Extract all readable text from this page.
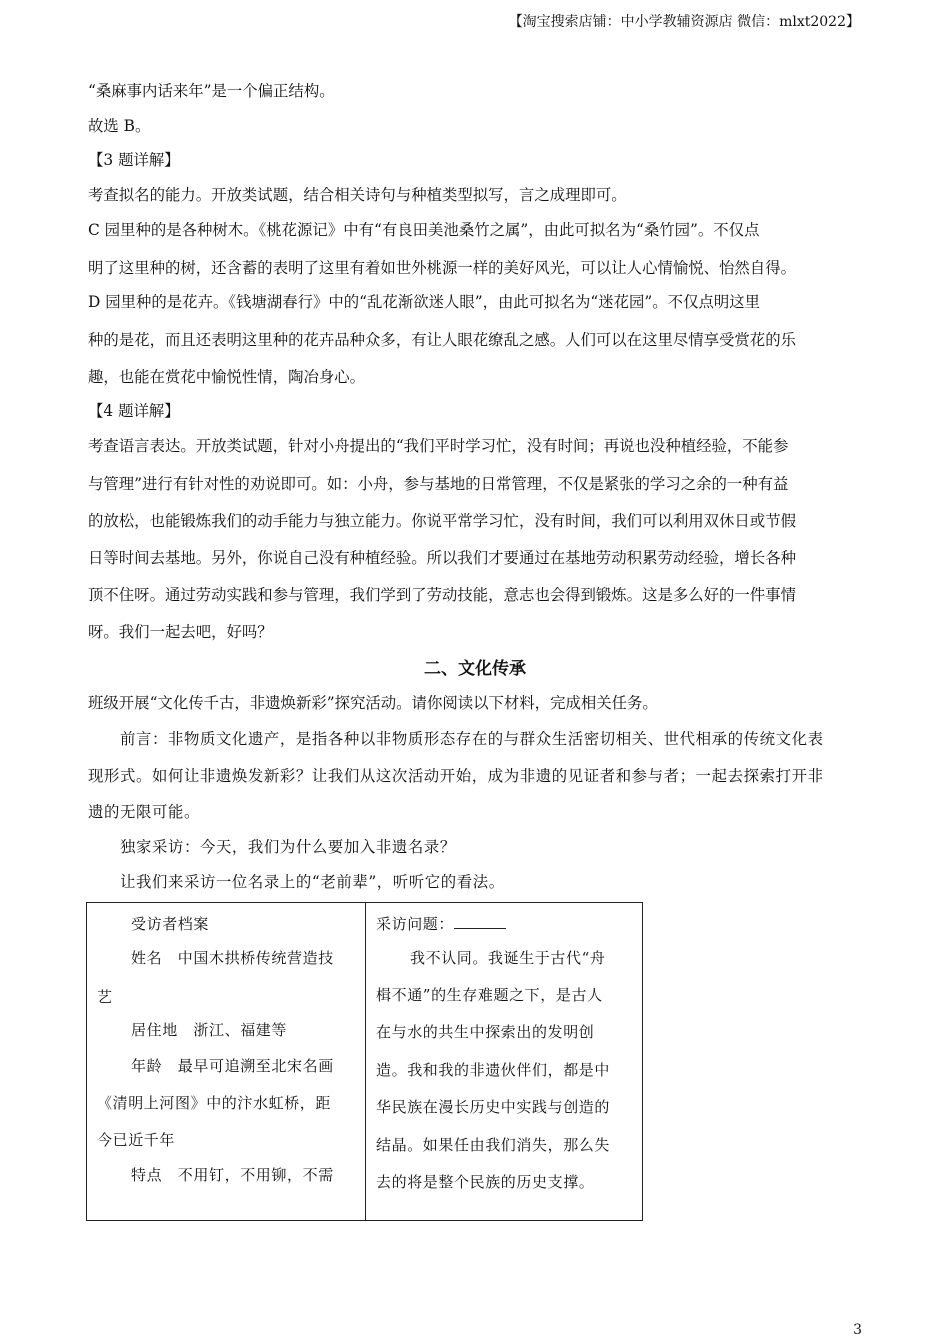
【淘宝搜索店铺：中小学教辅资源店 微信：mlxt2022】
“桑麻事内话来年”是一个偏正结构。
故选 B。
【3 题详解】
考查拟名的能力。开放类试题，结合相关诗句与种植类型拟写，言之成理即可。
C 园里种的是各种树木。《桃花源记》中有“有良田美池桑竹之属”，由此可拟名为“桑竹园”。不仅点
明了这里种的树，还含蓄的表明了这里有着如世外桃源一样的美好风光，可以让人心情愉悦、怡然自得。
D 园里种的是花卉。《钱塘湖春行》中的“乱花渐欲迷人眼”，由此可拟名为“迷花园”。不仅点明这里
种的是花，而且还表明这里种的花卉品种众多，有让人眼花缭乱之感。人们可以在这里尽情享受赏花的乐
趣，也能在赏花中愉悦性情，陶冶身心。
【4 题详解】
考查语言表达。开放类试题，针对小舟提出的“我们平时学习忙，没有时间；再说也没种植经验，不能参
与管理”进行有针对性的劝说即可。如：小舟，参与基地的日常管理，不仅是紧张的学习之余的一种有益
的放松，也能锻炼我们的动手能力与独立能力。你说平常学习忙，没有时间，我们可以利用双休日或节假
日等时间去基地。另外，你说自己没有种植经验。所以我们才要通过在基地劳动积累劳动经验，增长各种
顶不住呀。通过劳动实践和参与管理，我们学到了劳动技能，意志也会得到锻炼。这是多么好的一件事情
呀。我们一起去吧，好吗？
二、文化传承
班级开展“文化传千古，非遗焕新彩”探究活动。请你阅读以下材料，完成相关任务。
前言：非物质文化遗产，是指各种以非物质形态存在的与群众生活密切相关、世代相承的传统文化表
现形式。如何让非遗焕发新彩？让我们从这次活动开始，成为非遗的见证者和参与者；一起去探索打开非
遗的无限可能。
独家采访：今天，我们为什么要加入非遗名录？
让我们来采访一位名录上的“老前辈”，听听它的看法。
受访者档案
姓名　中国木拱桥传统营造技
艺
居住地　浙江、福建等
年龄　最早可追溯至北宋名画
《清明上河图》中的汴水虹桥，距
今已近千年
特点　不用钉，不用铆，不需
采访问题：
我不认同。我诞生于古代“舟
楫不通”的生存难题之下，是古人
在与水的共生中探索出的发明创
造。我和我的非遗伙伴们，都是中
华民族在漫长历史中实践与创造的
结晶。如果任由我们消失，那么失
去的将是整个民族的历史支撑。
3
